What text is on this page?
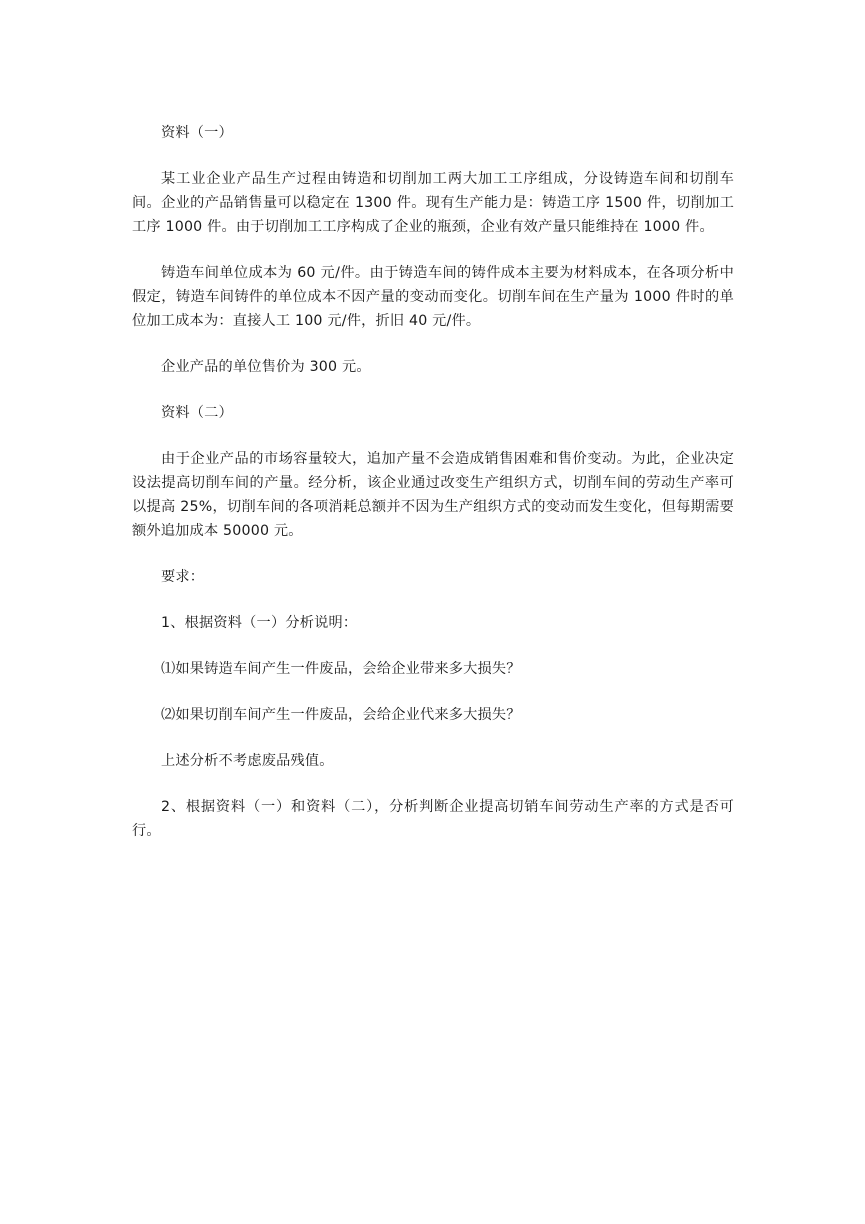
资料（一）

某工业企业产品生产过程由铸造和切削加工两大加工工序组成，分设铸造车间和切削车间。企业的产品销售量可以稳定在 1300 件。现有生产能力是：铸造工序 1500 件，切削加工工序 1000 件。由于切削加工工序构成了企业的瓶颈，企业有效产量只能维持在 1000 件。

铸造车间单位成本为 60 元/件。由于铸造车间的铸件成本主要为材料成本，在各项分析中假定，铸造车间铸件的单位成本不因产量的变动而变化。切削车间在生产量为 1000 件时的单位加工成本为：直接人工 100 元/件，折旧 40 元/件。

企业产品的单位售价为 300 元。

资料（二）

由于企业产品的市场容量较大，追加产量不会造成销售困难和售价变动。为此，企业决定设法提高切削车间的产量。经分析，该企业通过改变生产组织方式，切削车间的劳动生产率可以提高 25%，切削车间的各项消耗总额并不因为生产组织方式的变动而发生变化，但每期需要额外追加成本 50000 元。

要求：

1、根据资料（一）分析说明：

⑴如果铸造车间产生一件废品，会给企业带来多大损失？

⑵如果切削车间产生一件废品，会给企业代来多大损失？

上述分析不考虑废品残值。

2、根据资料（一）和资料（二），分析判断企业提高切销车间劳动生产率的方式是否可行。
